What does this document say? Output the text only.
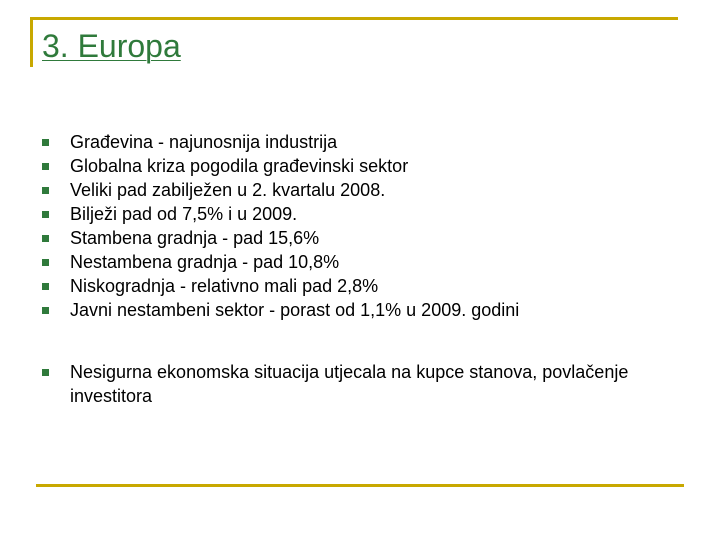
3. Europa
Građevina - najunosnija industrija
Globalna kriza pogodila građevinski sektor
Veliki pad zabilježen u 2. kvartalu 2008.
Bilježi pad od 7,5% i u 2009.
Stambena gradnja - pad 15,6%
Nestambena gradnja - pad 10,8%
Niskogradnja - relativno mali pad 2,8%
Javni nestambeni sektor - porast od 1,1% u 2009. godini
Nesigurna ekonomska situacija utjecala na kupce stanova, povlačenje investitora
